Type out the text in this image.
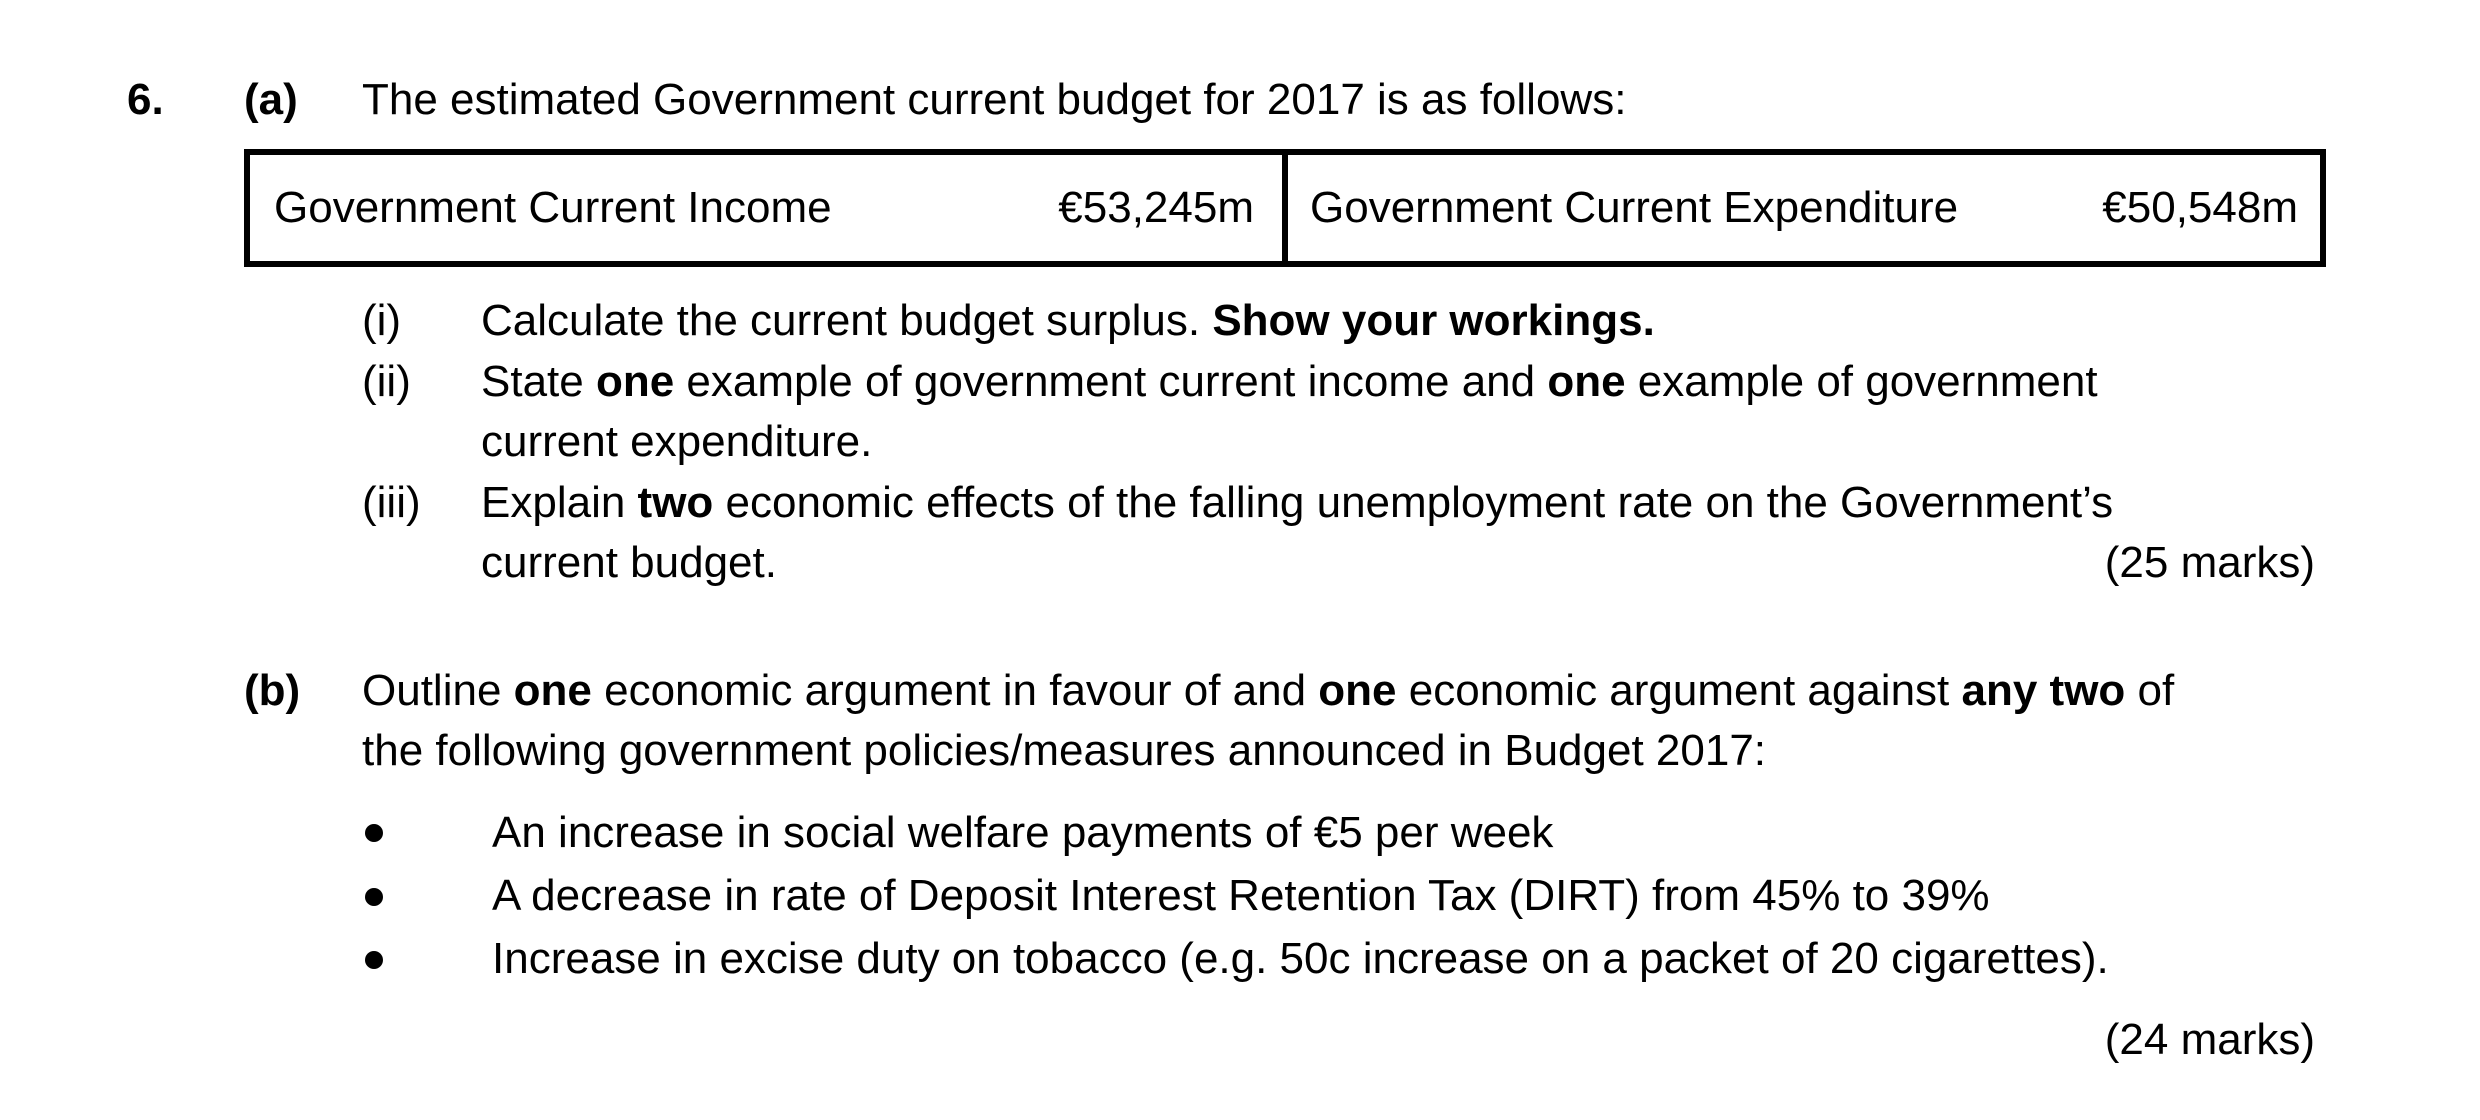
6. (a) The estimated Government current budget for 2017 is as follows:
Government Current Income	€53,245m Government Current Expenditure	€50,548m
(i) Calculate the current budget surplus. Show your workings.
(ii) State one example of government current income and one example of government
current expenditure.
(iii) Explain two economic effects of the falling unemployment rate on the Government’s
current budget.	(25 marks)
(b) Outline one economic argument in favour of and one economic argument against any two of
the following government policies/measures announced in Budget 2017:
An increase in social welfare payments of €5 per week
A decrease in rate of Deposit Interest Retention Tax (DIRT) from 45% to 39%
Increase in excise duty on tobacco (e.g. 50c increase on a packet of 20 cigarettes).
(24 marks)
